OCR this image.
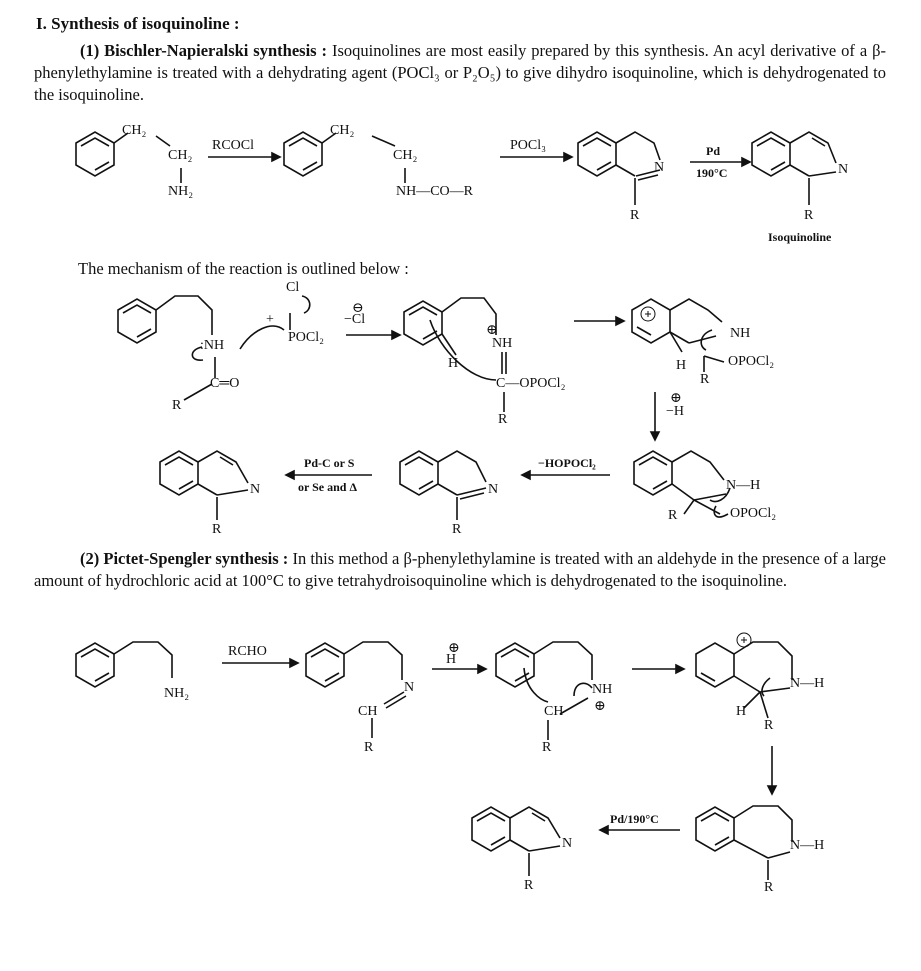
I. Synthesis of isoquinoline :
(1) Bischler-Napieralski synthesis : Isoquinolines are most easily prepared by this synthesis. An acyl derivative of a β-phenylethylamine is treated with a dehydrating agent (POCl₃ or P₂O₅) to give dihydro isoquinoline, which is dehydrogenated to the isoquinoline.
CH₂
CH₂
NH₂
RCOCl
CH₂
CH₂
NH—CO—R
POCl₃
N
R
Pd
190°C	N
R
Isoquinoline
The mechanism of the reaction is outlined below :
Cl
+
POCl₂
:NH
C═O
R
⊖
−Cl
⊕
NH
H
C—OPOCl₂
R
NH
H	OPOCl₂
R
⊕
−H
N
R
Pd-C or S
or Se and Δ	N
R
−HOPOCl₂
N—H
R	OPOCl₂
(2) Pictet-Spengler synthesis : In this method a β-phenylethylamine is treated with an aldehyde in the presence of a large amount of hydrochloric acid at 100°C to give tetrahydroisoquinoline which is dehydrogenated to the isoquinoline.
NH₂
RCHO
N
CH
R
⊕
H
NH
⊕
CH
R
N—H
H
R
N—H
R
Pd/190°C
N
R
